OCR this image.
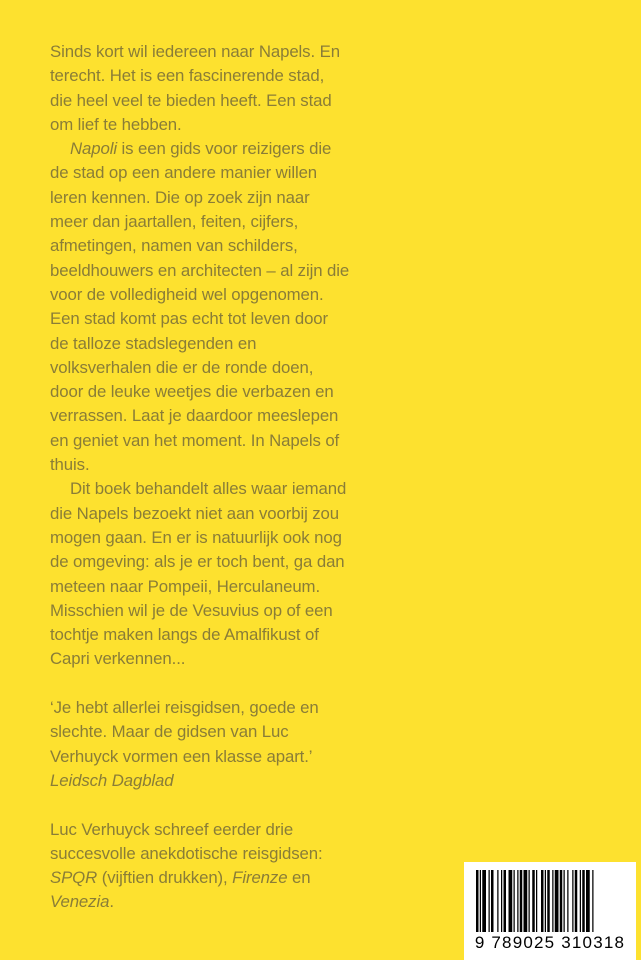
Sinds kort wil iedereen naar Napels. En terecht. Het is een fascinerende stad, die heel veel te bieden heeft. Een stad om lief te hebben.

Napoli is een gids voor reizigers die de stad op een andere manier willen leren kennen. Die op zoek zijn naar meer dan jaartallen, feiten, cijfers, afmetingen, namen van schilders, beeldhouwers en architecten – al zijn die voor de volledigheid wel opgenomen. Een stad komt pas echt tot leven door de talloze stadslegenden en volksverhalen die er de ronde doen, door de leuke weetjes die verbazen en verrassen. Laat je daardoor meeslepen en geniet van het moment. In Napels of thuis.

Dit boek behandelt alles waar iemand die Napels bezoekt niet aan voorbij zou mogen gaan. En er is natuurlijk ook nog de omgeving: als je er toch bent, ga dan meteen naar Pompeii, Herculaneum. Misschien wil je de Vesuvius op of een tochtje maken langs de Amalfikust of Capri verkennen...

‘Je hebt allerlei reisgidsen, goede en slechte. Maar de gidsen van Luc Verhuyck vormen een klasse apart.’

Leidsch Dagblad

Luc Verhuyck schreef eerder drie succesvolle anekdotische reisgidsen: SPQR (vijftien drukken), Firenze en Venezia.

9 789025 310318
